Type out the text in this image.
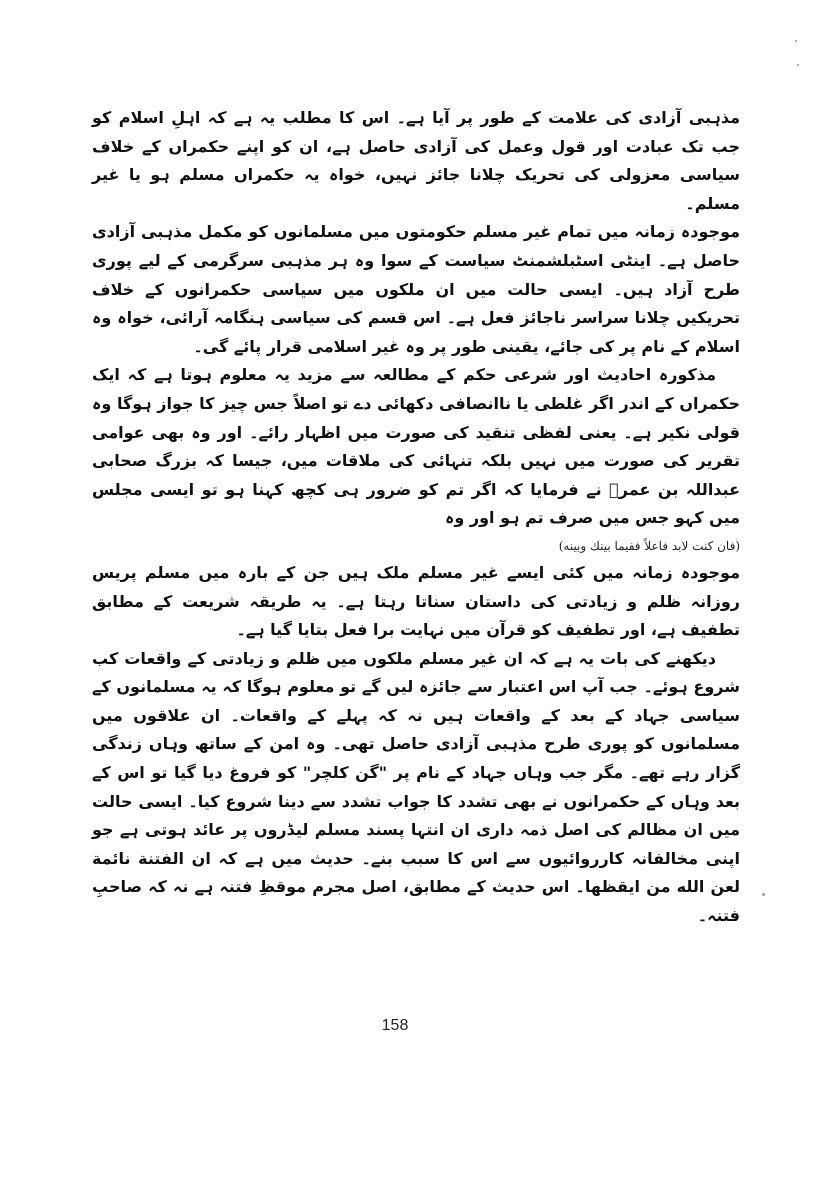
مذہبی آزادی کی علامت کے طور پر آیا ہے۔ اس کا مطلب یہ ہے کہ اہلِ اسلام کو جب تک عبادت اور قول وعمل کی آزادی حاصل ہے، ان کو اپنے حکمراں کے خلاف سیاسی معزولی کی تحریک چلانا جائز نہیں، خواہ یہ حکمراں مسلم ہو یا غیر مسلم۔

موجودہ زمانہ میں تمام غیر مسلم حکومتوں میں مسلمانوں کو مکمل مذہبی آزادی حاصل ہے۔ اینٹی اسٹبلشمنٹ سیاست کے سوا وہ ہر مذہبی سرگرمی کے لیے پوری طرح آزاد ہیں۔ ایسی حالت میں ان ملکوں میں سیاسی حکمرانوں کے خلاف تحریکیں چلانا سراسر ناجائز فعل ہے۔ اس قسم کی سیاسی ہنگامہ آرائی، خواہ وہ اسلام کے نام پر کی جائے، یقینی طور پر وہ غیر اسلامی قرار پائے گی۔

مذکورہ احادیث اور شرعی حکم کے مطالعہ سے مزید یہ معلوم ہوتا ہے کہ ایک حکمراں کے اندر اگر غلطی یا ناانصافی دکھائی دے تو اصلاً جس چیز کا جواز ہوگا وہ قولی نکیر ہے۔ یعنی لفظی تنقید کی صورت میں اظہار رائے۔ اور وہ بھی عوامی تقریر کی صورت میں نہیں بلکہ تنہائی کی ملاقات میں، جیسا کہ بزرگ صحابی عبداللہ بن عمرؓ نے فرمایا کہ اگر تم کو ضرور ہی کچھ کہنا ہو تو ایسی مجلس میں کہو جس میں صرف تم ہو اور وہ

(فان کنت لابد فاعلاً ففيما بينك وبينه)

موجودہ زمانہ میں کئی ایسے غیر مسلم ملک ہیں جن کے بارہ میں مسلم پریس روزانہ ظلم و زیادتی کی داستان سناتا رہتا ہے۔ یہ طریقہ شریعت کے مطابق تطفیف ہے، اور تطفیف کو قرآن میں نہایت برا فعل بتایا گیا ہے۔

دیکھنے کی بات یہ ہے کہ ان غیر مسلم ملکوں میں ظلم و زیادتی کے واقعات کب شروع ہوئے۔ جب آپ اس اعتبار سے جائزہ لیں گے تو معلوم ہوگا کہ یہ مسلمانوں کے سیاسی جہاد کے بعد کے واقعات ہیں نہ کہ پہلے کے واقعات۔ ان علاقوں میں مسلمانوں کو پوری طرح مذہبی آزادی حاصل تھی۔ وہ امن کے ساتھ وہاں زندگی گزار رہے تھے۔ مگر جب وہاں جہاد کے نام پر "گن کلچر" کو فروغ دیا گیا تو اس کے بعد وہاں کے حکمرانوں نے بھی تشدد کا جواب تشدد سے دینا شروع کیا۔ ایسی حالت میں ان مظالم کی اصل ذمہ داری ان انتہا پسند مسلم لیڈروں پر عائد ہوتی ہے جو اپنی مخالفانہ کارروائیوں سے اس کا سبب بنے۔ حدیث میں ہے کہ ان الفتنة نائمة لعن الله من ايقظها۔ اس حدیث کے مطابق، اصل مجرم موقظِ فتنہ ہے نہ کہ صاحبِ فتنہ۔

158
